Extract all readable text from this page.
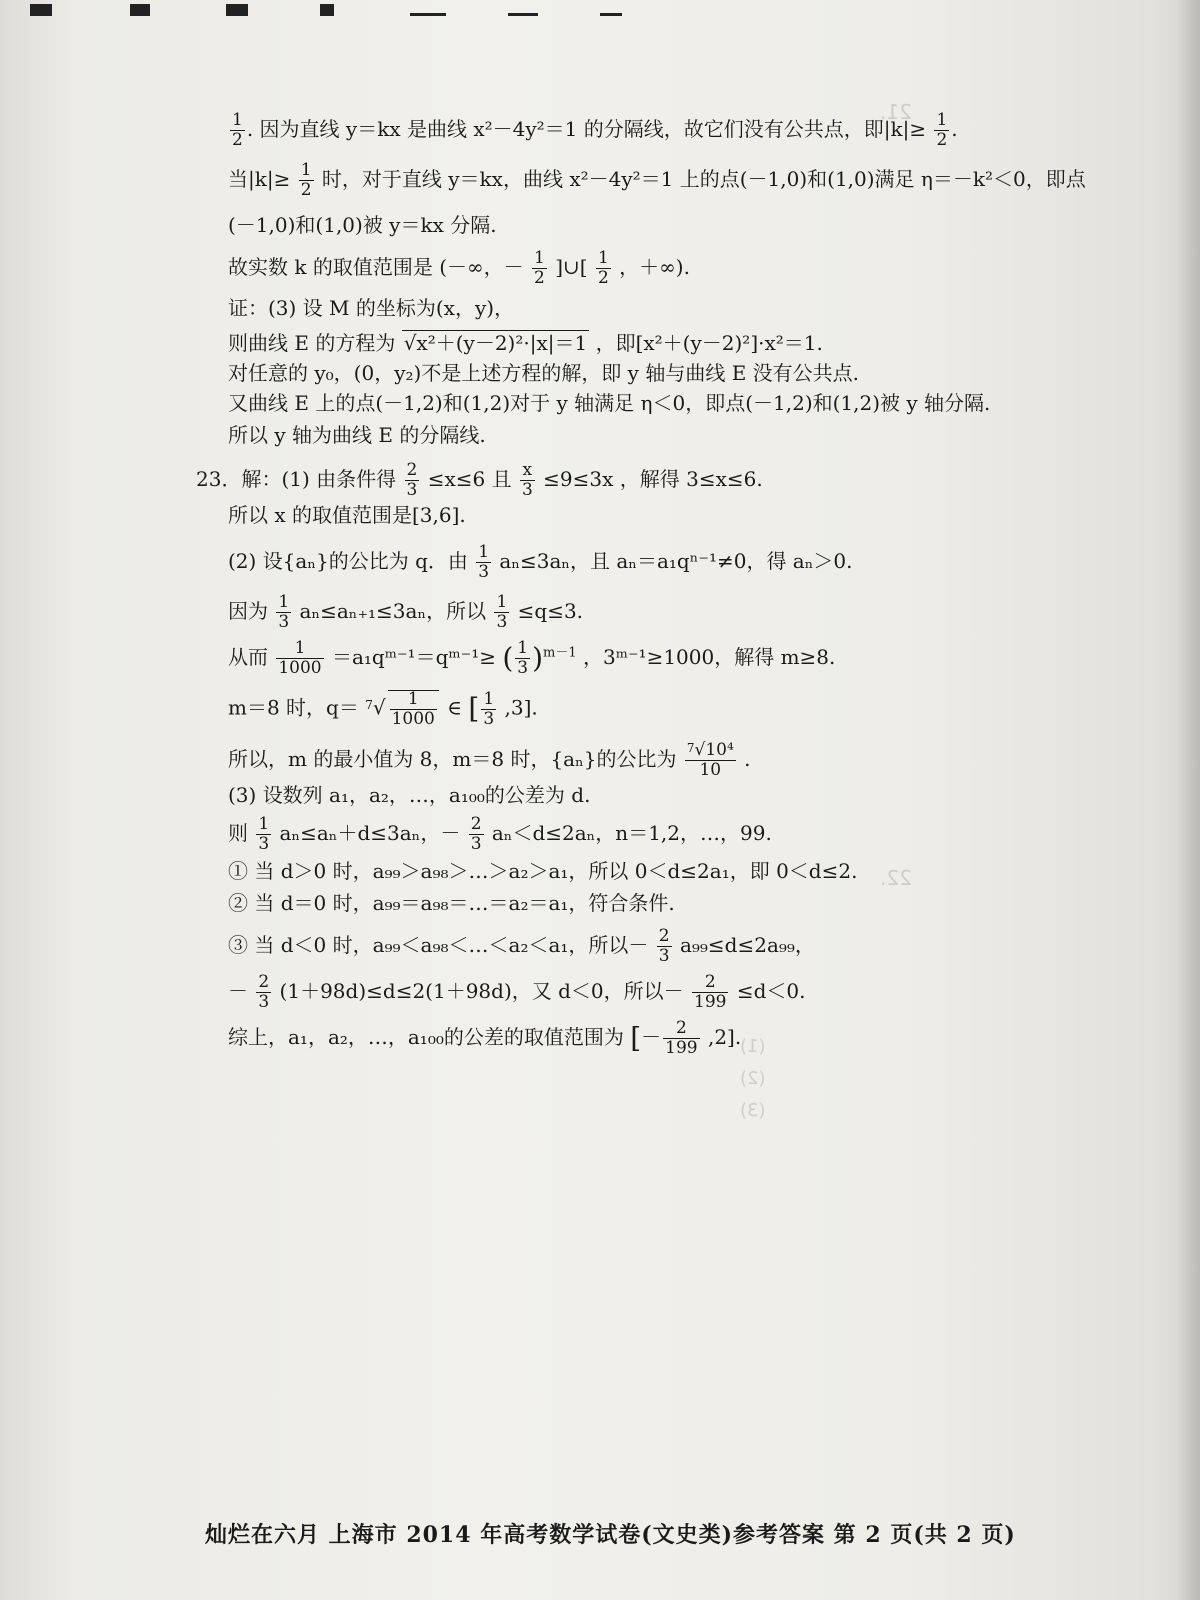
21.
22.
$\frac{1}{2}$ . 因为直线 y＝kx 是曲线 x²－4y²＝1 的分隔线，故它们没有公共点，即$|k|\ge \frac{1}{2}$ .
当$|k|\ge \frac{1}{2}$ 时，对于直线 y＝kx，曲线 x²－4y²＝1 上的点(－1,0)和(1,0)满足 η＝－k²＜0，即点
(－1,0)和(1,0)被 y＝kx 分隔.
故实数 k 的取值范围是 (－∞，－ $\frac{1}{2}$ ]∪[ $\frac{1}{2}$ ，＋∞).
证：(3) 设 M 的坐标为(x，y)，
则曲线 E 的方程为 √x²＋(y－2)²·|x|＝1 ，即[x²＋(y－2)²]·x²＝1.
对任意的 y₀，(0，y₂)不是上述方程的解，即 y 轴与曲线 E 没有公共点.
又曲线 E 上的点(－1,2)和(1,2)对于 y 轴满足 η＜0，即点(－1,2)和(1,2)被 y 轴分隔.
所以 y 轴为曲线 E 的分隔线.
23．解：(1) 由条件得 $\frac{2}{3} \le x\le 6$ 且 $\frac{x}{3} \le 9\le 3x$ ，解得 3≤x≤6.
所以 x 的取值范围是[3,6].
(2) 设{aₙ}的公比为 q．由 $\frac{1}{3} a_n\le 3a_n$，且 aₙ＝a₁qⁿ⁻¹≠0，得 aₙ＞0.
因为 $\frac{1}{3} a_n\le a_{n+1}\le 3a_n$，所以 $\frac{1}{3} \le q\le 3$.
从而 $\frac{1}{1000}$ ＝a₁qᵐ⁻¹＝qᵐ⁻¹≥ ( $\frac{1}{3} )^{m-1}$ ，3ᵐ⁻¹≥1000，解得 m≥8.
m＝8 时，$q= ^7√ \frac{1}{1000}$ ∈ [ $\frac{1}{3} ,3$].
所以，m 的最小值为 8，m＝8 时，{aₙ}的公比为 $\frac{^7√10^4}{10}$ .
(3) 设数列 a₁，a₂，…，a₁₀₀的公差为 d.
则 $\frac{1}{3} a_n\le a_n+d\le 3a_n$，－ $\frac{2}{3} a_n<d\le 2a_n$，n＝1,2，…，99.
① 当 d＞0 时，a₉₉＞a₉₈＞…＞a₂＞a₁，所以 0＜d≤2a₁，即 0＜d≤2.
② 当 d＝0 时，a₉₉＝a₉₈＝…＝a₂＝a₁，符合条件.
③ 当 d＜0 时，a₉₉＜a₉₈＜…＜a₂＜a₁，所以－ $\frac{2}{3} a_{99}\le d\le 2a_{99}$，
－ $\frac{2}{3} (1+98d)\le d\le 2(1+98d)$，又 d＜0，所以－ $\frac{2}{199} \le d<0$.
综上，a₁，a₂，…，a₁₀₀的公差的取值范围为 [－ $\frac{2}{199} ,2$].
(1)
(2)
(3)
灿烂在六月 上海市 2014 年高考数学试卷(文史类)参考答案 第 2 页(共 2 页)
